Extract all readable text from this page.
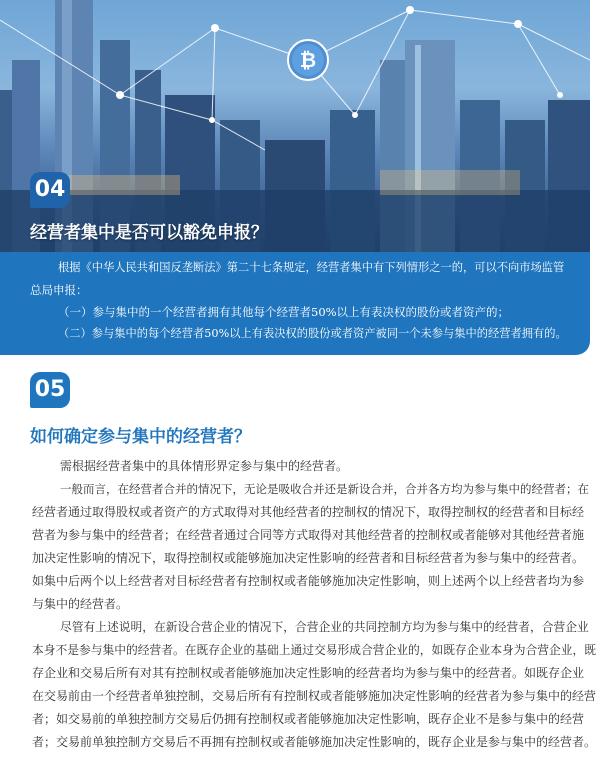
₿
04
经营者集中是否可以豁免申报？

根据《中华人民共和国反垄断法》第二十七条规定，经营者集中有下列情形之一的，可以不向市场监管

总局申报：

（一）参与集中的一个经营者拥有其他每个经营者50%以上有表决权的股份或者资产的；

（二）参与集中的每个经营者50%以上有表决权的股份或者资产被同一个未参与集中的经营者拥有的。

05
如何确定参与集中的经营者？

需根据经营者集中的具体情形界定参与集中的经营者。

一般而言，在经营者合并的情况下，无论是吸收合并还是新设合并，合并各方均为参与集中的经营者；在

经营者通过取得股权或者资产的方式取得对其他经营者的控制权的情况下，取得控制权的经营者和目标经

营者为参与集中的经营者；在经营者通过合同等方式取得对其他经营者的控制权或者能够对其他经营者施

加决定性影响的情况下，取得控制权或能够施加决定性影响的经营者和目标经营者为参与集中的经营者。

如集中后两个以上经营者对目标经营者有控制权或者能够施加决定性影响，则上述两个以上经营者均为参

与集中的经营者。

尽管有上述说明，在新设合营企业的情况下，合营企业的共同控制方均为参与集中的经营者，合营企业

本身不是参与集中的经营者。在既存企业的基础上通过交易形成合营企业的，如既存企业本身为合营企业，既

存企业和交易后所有对其有控制权或者能够施加决定性影响的经营者均为参与集中的经营者。如既存企业

在交易前由一个经营者单独控制，交易后所有有控制权或者能够施加决定性影响的经营者为参与集中的经营

者；如交易前的单独控制方交易后仍拥有控制权或者能够施加决定性影响，既存企业不是参与集中的经营

者；交易前单独控制方交易后不再拥有控制权或者能够施加决定性影响的，既存企业是参与集中的经营者。
